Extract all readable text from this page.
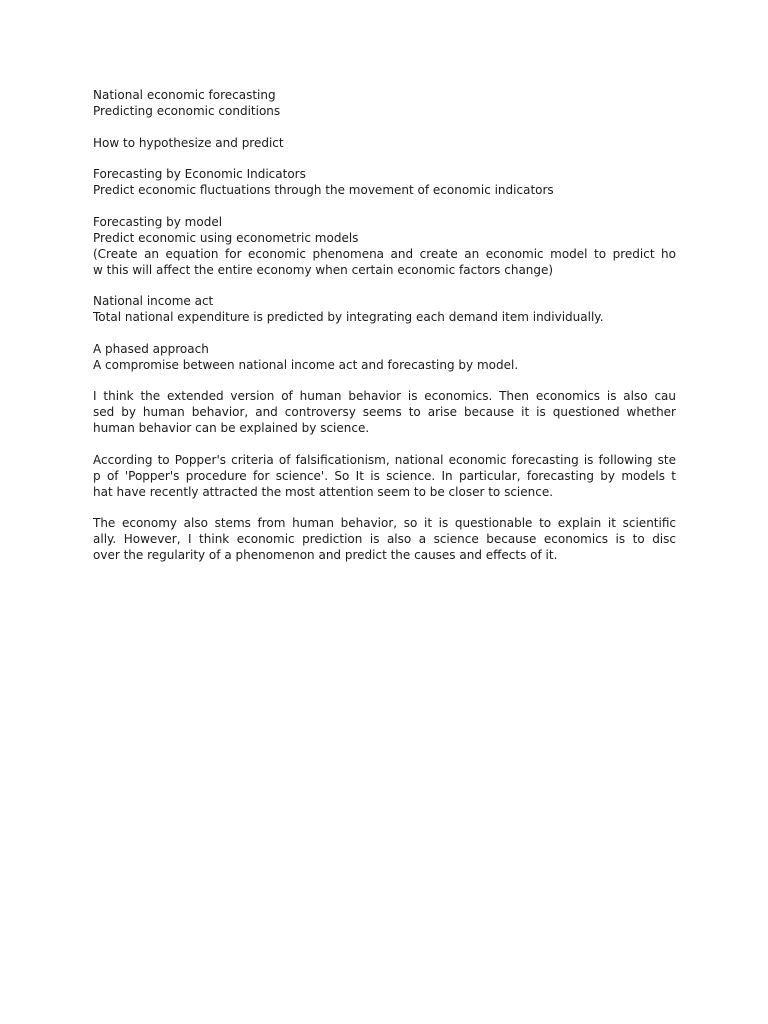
National economic forecasting
Predicting economic conditions
How to hypothesize and predict
Forecasting by Economic Indicators
Predict economic fluctuations through the movement of economic indicators
Forecasting by model
Predict economic using econometric models
(Create an equation for economic phenomena and create an economic model to predict ho
w this will affect the entire economy when certain economic factors change)
National income act
Total national expenditure is predicted by integrating each demand item individually.
A phased approach
A compromise between national income act and forecasting by model.
I think the extended version of human behavior is economics. Then economics is also cau
sed by human behavior, and controversy seems to arise because it is questioned whether
human behavior can be explained by science.
According to Popper's criteria of falsificationism, national economic forecasting is following ste
p of 'Popper's procedure for science'. So It is science. In particular, forecasting by models t
hat have recently attracted the most attention seem to be closer to science.
The economy also stems from human behavior, so it is questionable to explain it scientific
ally. However, I think economic prediction is also a science because economics is to disc
over the regularity of a phenomenon and predict the causes and effects of it.
